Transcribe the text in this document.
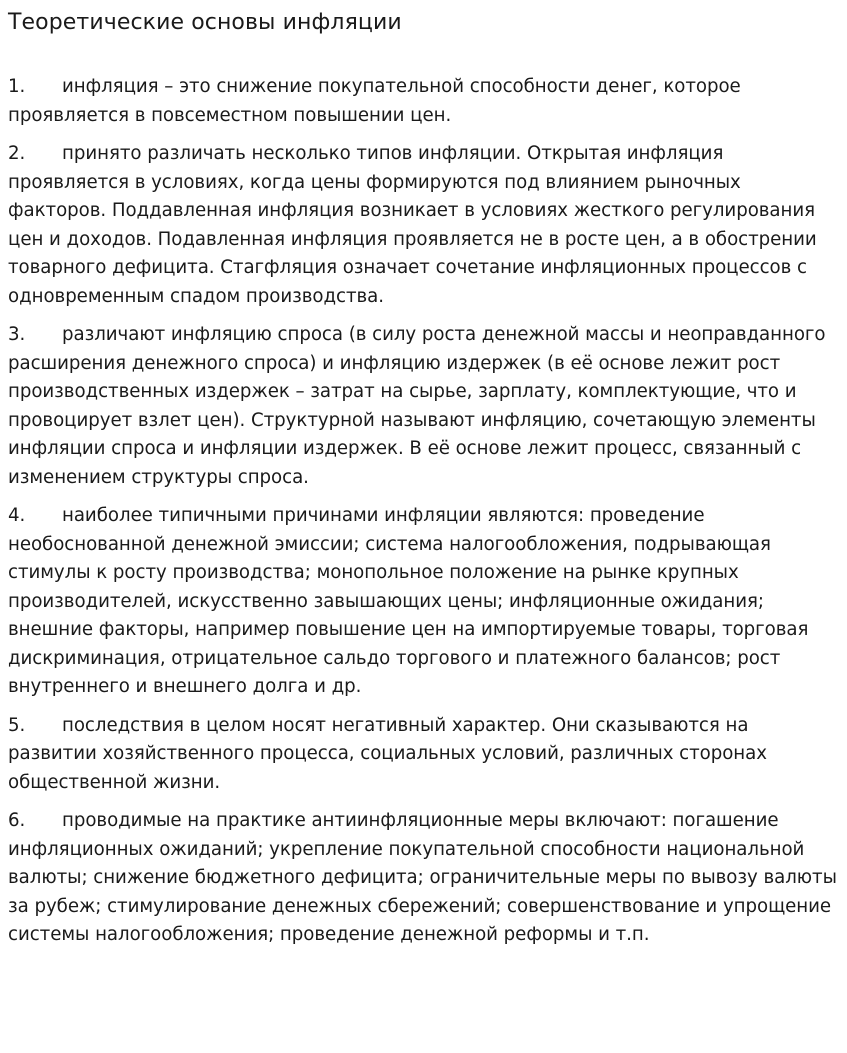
Теоретические основы инфляции

1. инфляция – это снижение покупательной способности денег, которое проявляется в повсеместном повышении цен.

2. принято различать несколько типов инфляции. Открытая инфляция проявляется в условиях, когда цены формируются под влиянием рыночных факторов. Поддавленная инфляция возникает в условиях жесткого регулирования цен и доходов. Подавленная инфляция проявляется не в росте цен, а в обострении товарного дефицита. Стагфляция означает сочетание инфляционных процессов с одновременным спадом производства.

3. различают инфляцию спроса (в силу роста денежной массы и неоправданного расширения денежного спроса) и инфляцию издержек (в её основе лежит рост производственных издержек – затрат на сырье, зарплату, комплектующие, что и провоцирует взлет цен). Структурной называют инфляцию, сочетающую элементы инфляции спроса и инфляции издержек. В её основе лежит процесс, связанный с изменением структуры спроса.

4. наиболее типичными причинами инфляции являются: проведение необоснованной денежной эмиссии; система налогообложения, подрывающая стимулы к росту производства; монопольное положение на рынке крупных производителей, искусственно завышающих цены; инфляционные ожидания; внешние факторы, например повышение цен на импортируемые товары, торговая дискриминация, отрицательное сальдо торгового и платежного балансов; рост внутреннего и внешнего долга и др.

5. последствия в целом носят негативный характер. Они сказываются на развитии хозяйственного процесса, социальных условий, различных сторонах общественной жизни.

6. проводимые на практике антиинфляционные меры включают: погашение инфляционных ожиданий; укрепление покупательной способности национальной валюты; снижение бюджетного дефицита; ограничительные меры по вывозу валюты за рубеж; стимулирование денежных сбережений; совершенствование и упрощение системы налогообложения; проведение денежной реформы и т.п.
